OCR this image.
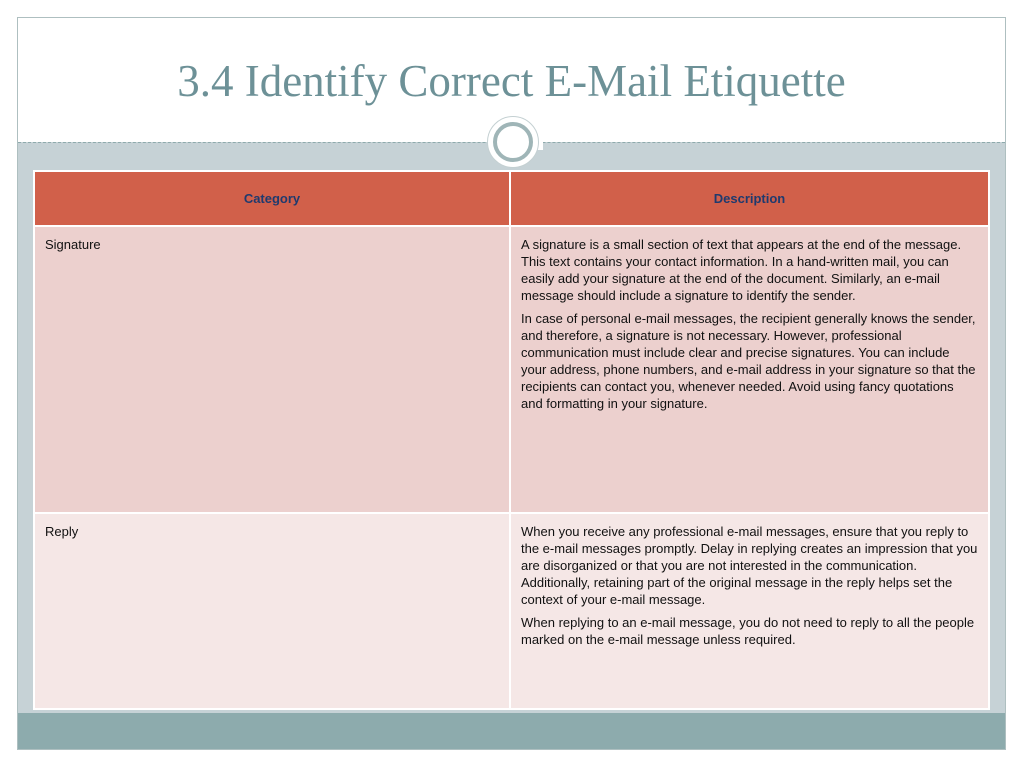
3.4 Identify Correct E-Mail Etiquette
Category	Description
Signature	A signature is a small section of text that appears at the end of the message. This text contains your contact information. In a hand-written mail, you can easily add your signature at the end of the document. Similarly, an e-mail message should include a signature to identify the sender.

In case of personal e-mail messages, the recipient generally knows the sender, and therefore, a signature is not necessary. However, professional communication must include clear and precise signatures. You can include your address, phone numbers, and e-mail address in your signature so that the recipients can contact you, whenever needed. Avoid using fancy quotations and formatting in your signature.

Reply	When you receive any professional e-mail messages, ensure that you reply to the e-mail messages promptly. Delay in replying creates an impression that you are disorganized or that you are not interested in the communication. Additionally, retaining part of the original message in the reply helps set the context of your e-mail message.

When replying to an e-mail message, you do not need to reply to all the people marked on the e-mail message unless required.
